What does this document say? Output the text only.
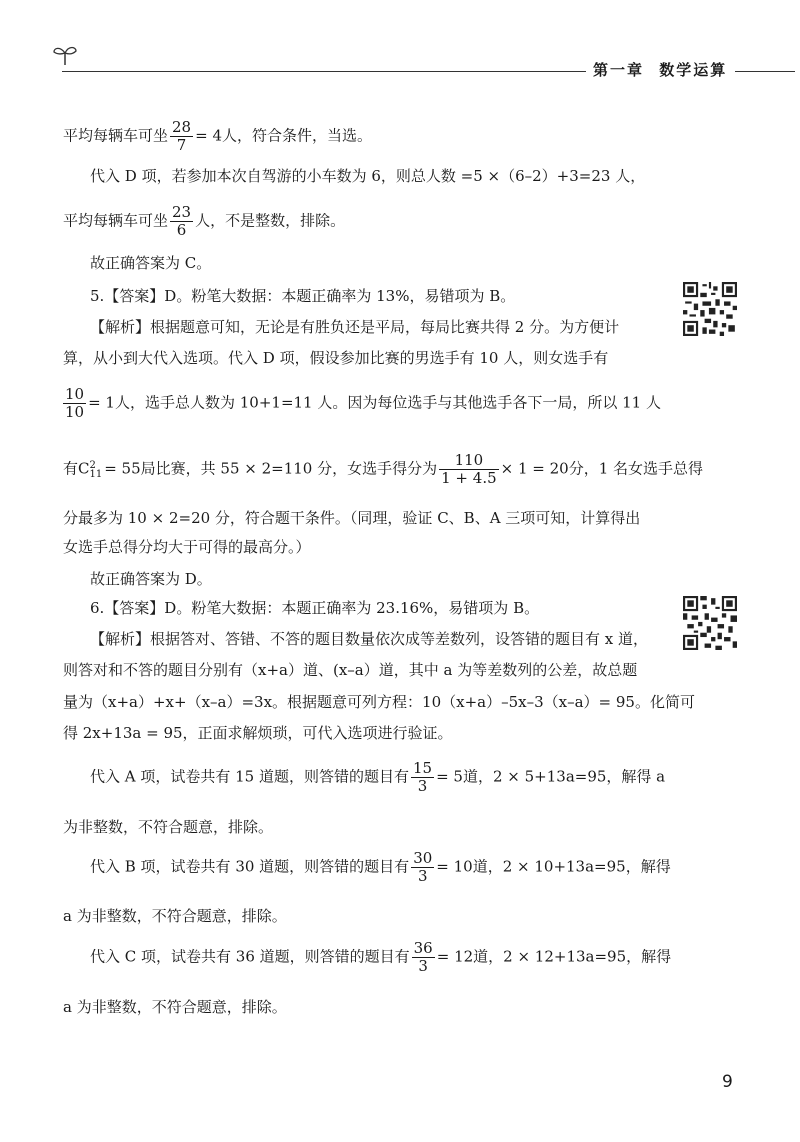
第一章 数学运算
平均每辆车可坐 $\frac{28}{7} = 4$人，符合条件，当选。
代入 D 项，若参加本次自驾游的小车数为 6，则总人数 =5 ×（6–2）+3=23 人，
平均每辆车可坐 $\frac{23}{6}$ 人，不是整数，排除。
故正确答案为 C。
5.【答案】D。粉笔大数据：本题正确率为 13%，易错项为 B。
【解析】根据题意可知，无论是有胜负还是平局，每局比赛共得 2 分。为方便计
算，从小到大代入选项。代入 D 项，假设参加比赛的男选手有 10 人，则女选手有
$\frac{10}{10} = 1$人，选手总人数为 10+1=11 人。因为每位选手与其他选手各下一局，所以 11 人
有C 2
11 = 55局比赛，共 55 × 2=110 分，女选手得分为 $\frac{110}{1 + 4.5} \times 1 = 20$分，1 名女选手总得
分最多为 10 × 2=20 分，符合题干条件。（同理，验证 C、B、A 三项可知，计算得出
女选手总得分均大于可得的最高分。）
故正确答案为 D。
6.【答案】D。粉笔大数据：本题正确率为 23.16%，易错项为 B。
【解析】根据答对、答错、不答的题目数量依次成等差数列，设答错的题目有 x 道，
则答对和不答的题目分别有（x+a）道、(x–a）道，其中 a 为等差数列的公差，故总题
量为（x+a）+x+（x–a）=3x。根据题意可列方程：10（x+a）–5x–3（x–a）= 95。化简可
得 2x+13a = 95，正面求解烦琐，可代入选项进行验证。
代入 A 项，试卷共有 15 道题，则答错的题目有 $\frac{15}{3} = 5$道，2 × 5+13a=95，解得 a
为非整数，不符合题意，排除。
代入 B 项，试卷共有 30 道题，则答错的题目有 $\frac{30}{3} = 10$道，2 × 10+13a=95，解得
a 为非整数，不符合题意，排除。
代入 C 项，试卷共有 36 道题，则答错的题目有 $\frac{36}{3} = 12$道，2 × 12+13a=95，解得
a 为非整数，不符合题意，排除。
9
